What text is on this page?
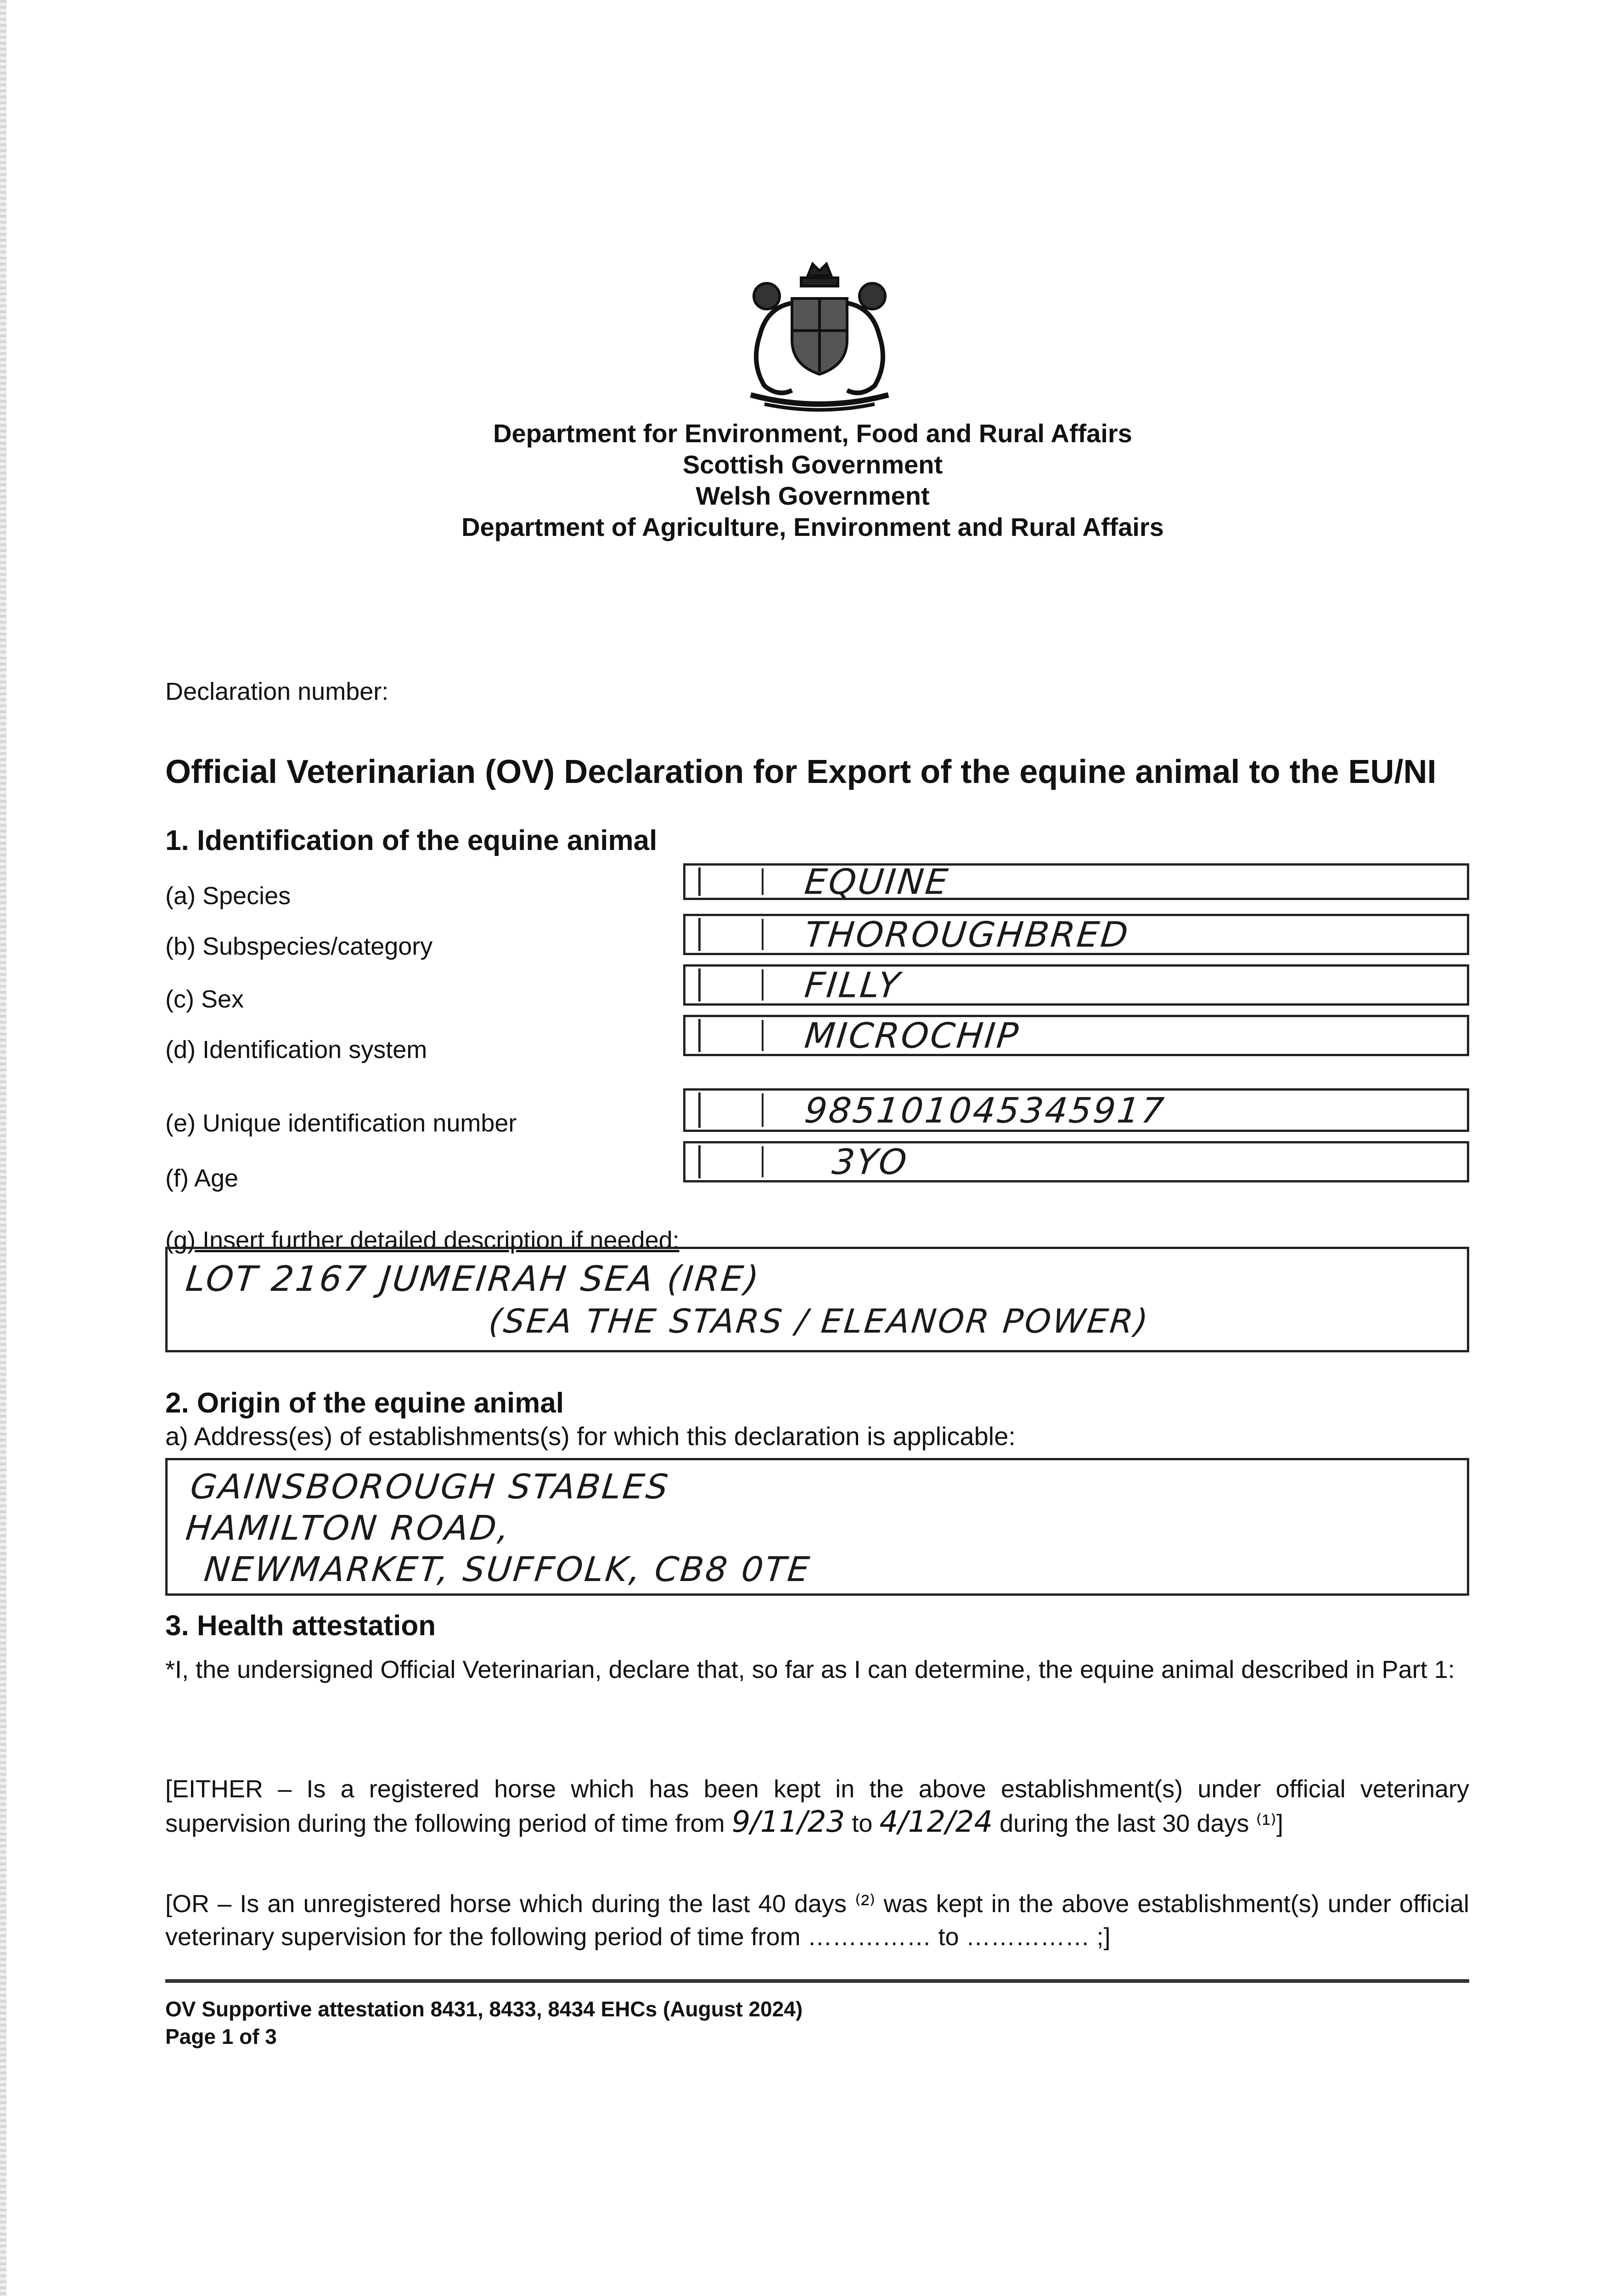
Department for Environment, Food and Rural Affairs
Scottish Government
Welsh Government
Department of Agriculture, Environment and Rural Affairs
Declaration number:
Official Veterinarian (OV) Declaration for Export of the equine animal to the EU/NI
1. Identification of the equine animal
(a) Species	EQUINE
(b) Subspecies/category	THOROUGHBRED
(c) Sex	FILLY
(d) Identification system	MICROCHIP
(e) Unique identification number	985101045345917
(f) Age	3YO
(g) Insert further detailed description if needed:
LOT 2167 JUMEIRAH SEA (IRE)
(SEA THE STARS / ELEANOR POWER)
2. Origin of the equine animal
a) Address(es) of establishments(s) for which this declaration is applicable:
GAINSBOROUGH STABLES
HAMILTON ROAD,
NEWMARKET, SUFFOLK, CB8 0TE
3. Health attestation
*I, the undersigned Official Veterinarian, declare that, so far as I can determine, the equine animal described in Part 1:
[EITHER – Is a registered horse which has been kept in the above establishment(s) under official veterinary supervision during the following period of time from 9/11/23 to 4/12/24 during the last 30 days ⁽¹⁾]
[OR – Is an unregistered horse which during the last 40 days ⁽²⁾ was kept in the above establishment(s) under official veterinary supervision for the following period of time from …………… to …………… ;]
OV Supportive attestation 8431, 8433, 8434 EHCs (August 2024)
Page 1 of 3
